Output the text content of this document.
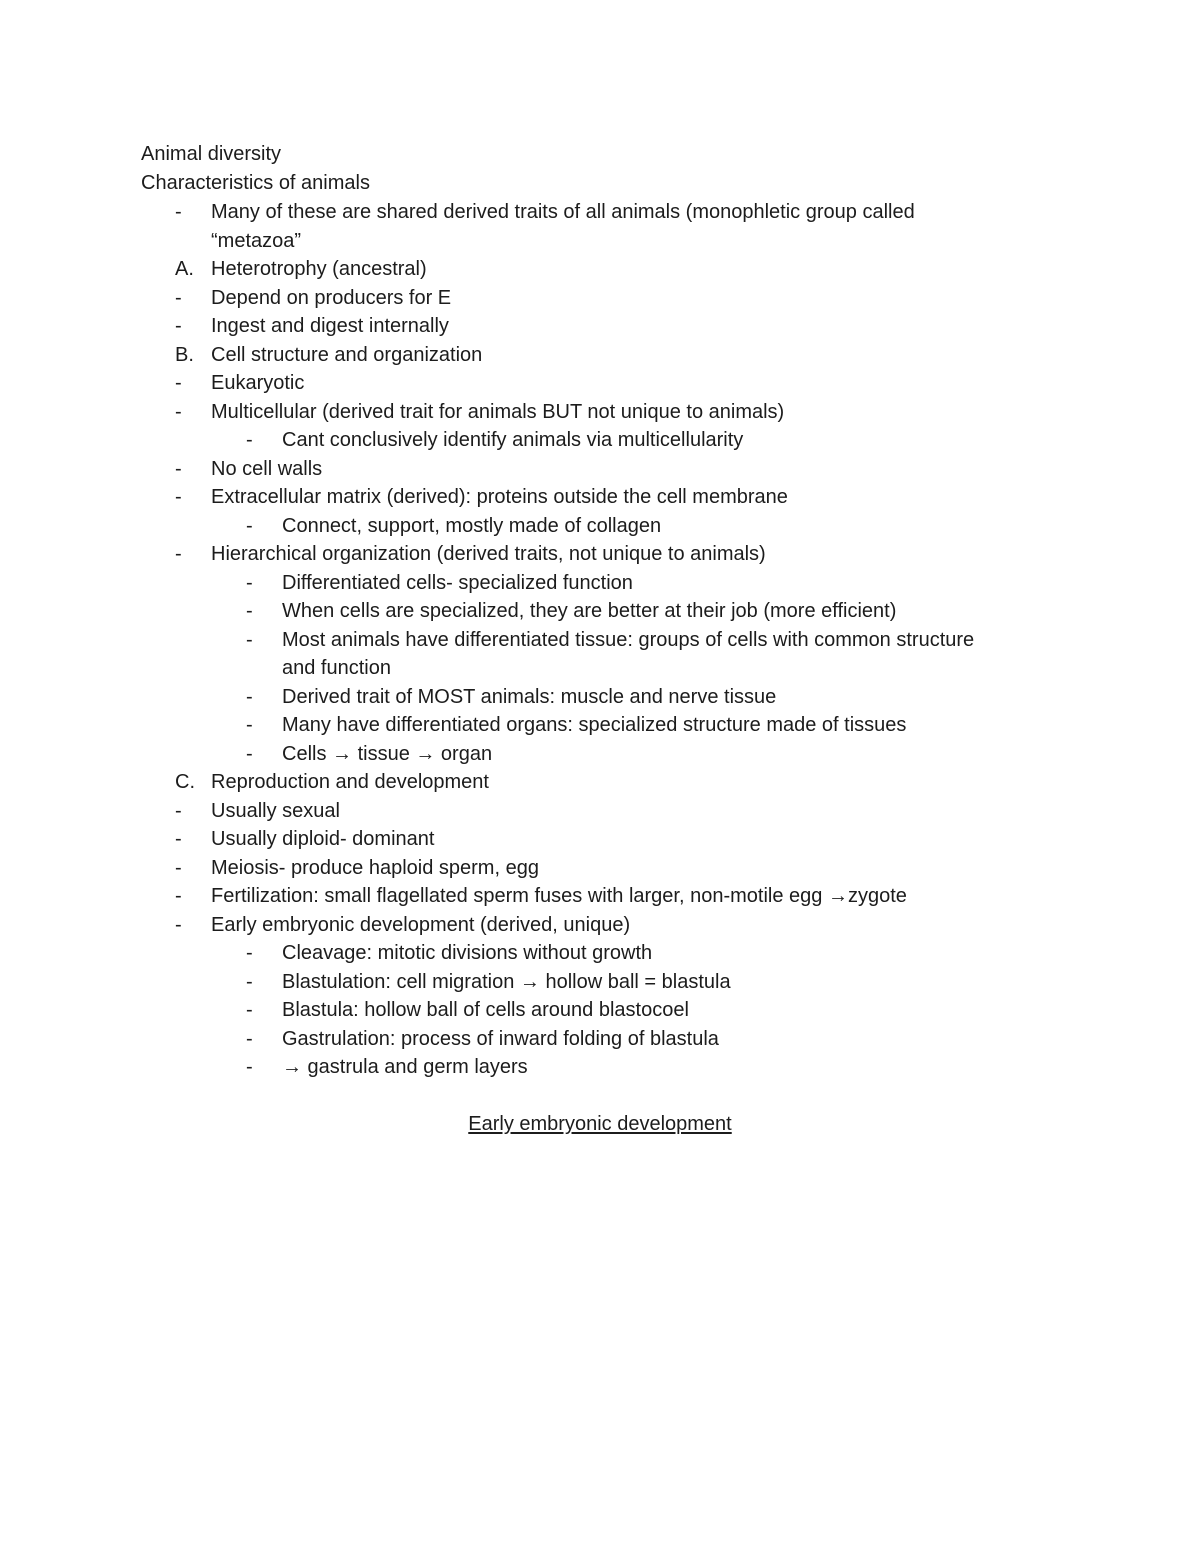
Animal diversity
Characteristics of animals
- Many of these are shared derived traits of all animals (monophletic group called
“metazoa”
A. Heterotrophy (ancestral)
- Depend on producers for E
- Ingest and digest internally
B. Cell structure and organization
- Eukaryotic
- Multicellular (derived trait for animals BUT not unique to animals)
- Cant conclusively identify animals via multicellularity
- No cell walls
- Extracellular matrix (derived): proteins outside the cell membrane
- Connect, support, mostly made of collagen
- Hierarchical organization (derived traits, not unique to animals)
- Differentiated cells- specialized function
- When cells are specialized, they are better at their job (more efficient)
- Most animals have differentiated tissue: groups of cells with common structure
and function
- Derived trait of MOST animals: muscle and nerve tissue
- Many have differentiated organs: specialized structure made of tissues
- Cells → tissue → organ
C. Reproduction and development
- Usually sexual
- Usually diploid- dominant
- Meiosis- produce haploid sperm, egg
- Fertilization: small flagellated sperm fuses with larger, non-motile egg →zygote
- Early embryonic development (derived, unique)
- Cleavage: mitotic divisions without growth
- Blastulation: cell migration → hollow ball = blastula
- Blastula: hollow ball of cells around blastocoel
- Gastrulation: process of inward folding of blastula
- → gastrula and germ layers
Early embryonic development
